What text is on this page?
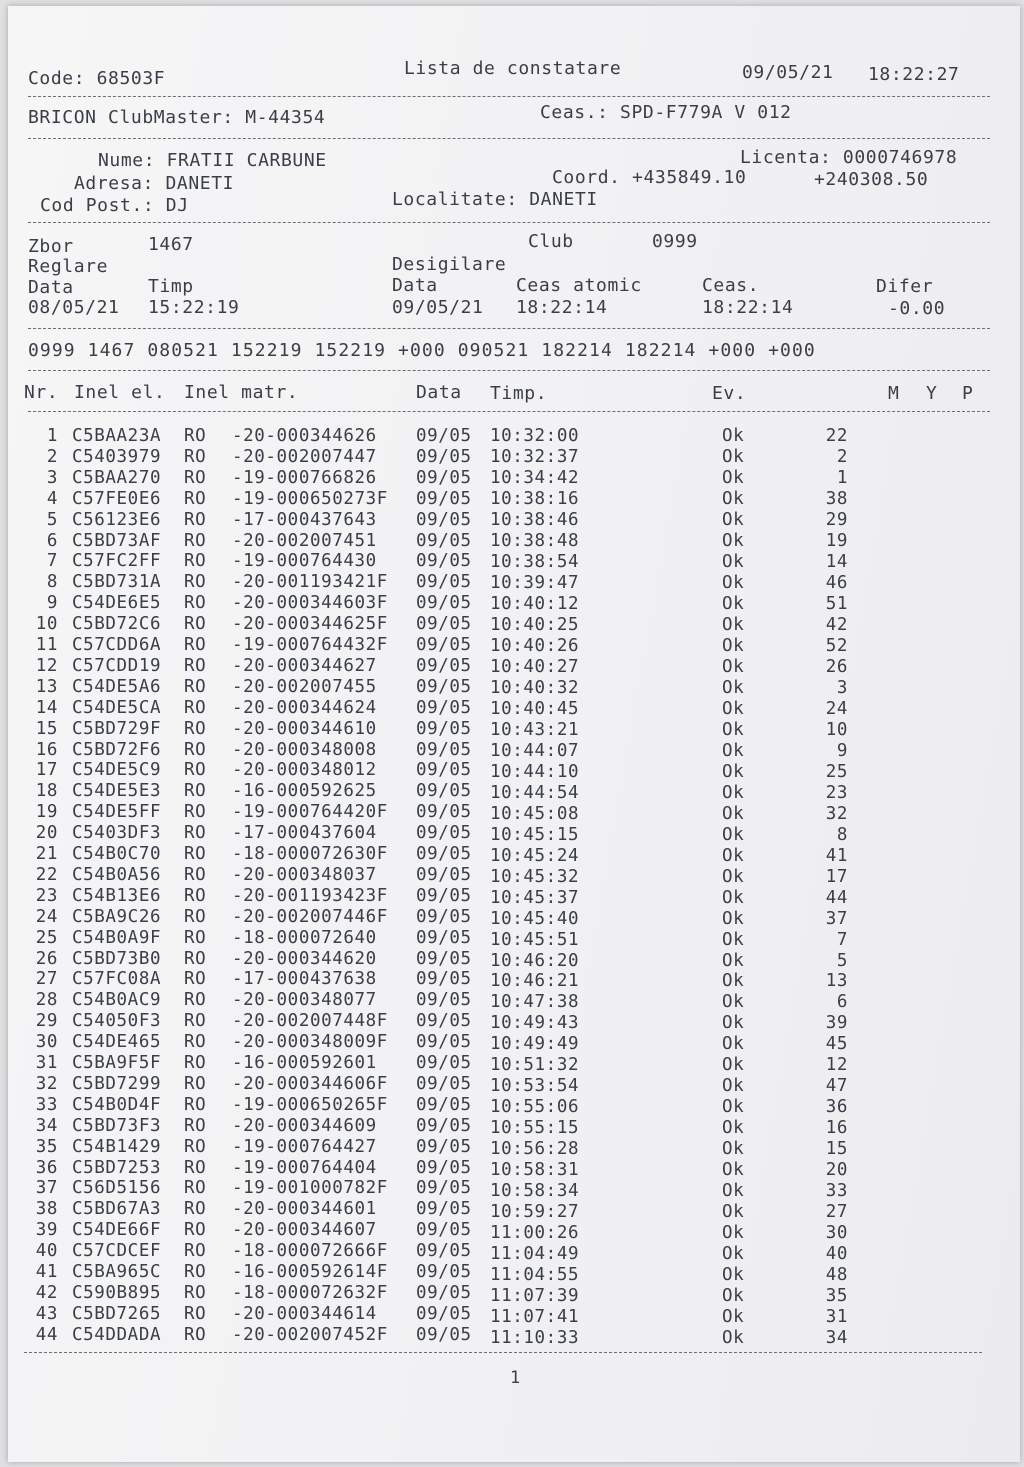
Code: 68503F	Lista de constatare	09/05/21 18:22:27
BRICON ClubMaster: M-44354	Ceas.: SPD-F779A V 012
Nume: FRATII CARBUNE
Adresa: DANETI
Cod Post.: DJ
Licenta: 0000746978
Coord. +435849.10	+240308.50
Localitate: DANETI
Zbor	1467	Club	0999
Reglare	Desigilare
Data	Timp	Data	Ceas atomic	Ceas.	Difer
08/05/21 15:22:19	09/05/21 18:22:14	18:22:14	-0.00
0999 1467 080521 152219 152219 +000 090521 182214 182214 +000 +000
Nr. Inel el. Inel matr.	Data Timp.	Ev.	M Y P
1 C5BAA23A RO -20-000344626 09/05 10:32:00	Ok	22
2 C5403979 RO -20-002007447 09/05 10:32:37	Ok	2
3 C5BAA270 RO -19-000766826 09/05 10:34:42	Ok	1
4 C57FE0E6 RO -19-000650273F 09/05 10:38:16	Ok	38
5 C56123E6 RO -17-000437643 09/05 10:38:46	Ok	29
6 C5BD73AF RO -20-002007451 09/05 10:38:48	Ok	19
7 C57FC2FF RO -19-000764430 09/05 10:38:54	Ok	14
8 C5BD731A RO -20-001193421F 09/05 10:39:47	Ok	46
9 C54DE6E5 RO -20-000344603F 09/05 10:40:12	Ok	51
10 C5BD72C6 RO -20-000344625F 09/05 10:40:25	Ok	42
11 C57CDD6A RO -19-000764432F 09/05 10:40:26	Ok	52
12 C57CDD19 RO -20-000344627 09/05 10:40:27	Ok	26
13 C54DE5A6 RO -20-002007455 09/05 10:40:32	Ok	3
14 C54DE5CA RO -20-000344624 09/05 10:40:45	Ok	24
15 C5BD729F RO -20-000344610 09/05 10:43:21	Ok	10
16 C5BD72F6 RO -20-000348008 09/05 10:44:07	Ok	9
17 C54DE5C9 RO -20-000348012 09/05 10:44:10	Ok	25
18 C54DE5E3 RO -16-000592625 09/05 10:44:54	Ok	23
19 C54DE5FF RO -19-000764420F 09/05 10:45:08	Ok	32
20 C5403DF3 RO -17-000437604 09/05 10:45:15	Ok	8
21 C54B0C70 RO -18-000072630F 09/05 10:45:24	Ok	41
22 C54B0A56 RO -20-000348037 09/05 10:45:32	Ok	17
23 C54B13E6 RO -20-001193423F 09/05 10:45:37	Ok	44
24 C5BA9C26 RO -20-002007446F 09/05 10:45:40	Ok	37
25 C54B0A9F RO -18-000072640 09/05 10:45:51	Ok	7
26 C5BD73B0 RO -20-000344620 09/05 10:46:20	Ok	5
27 C57FC08A RO -17-000437638 09/05 10:46:21	Ok	13
28 C54B0AC9 RO -20-000348077 09/05 10:47:38	Ok	6
29 C54050F3 RO -20-002007448F 09/05 10:49:43	Ok	39
30 C54DE465 RO -20-000348009F 09/05 10:49:49	Ok	45
31 C5BA9F5F RO -16-000592601 09/05 10:51:32	Ok	12
32 C5BD7299 RO -20-000344606F 09/05 10:53:54	Ok	47
33 C54B0D4F RO -19-000650265F 09/05 10:55:06	Ok	36
34 C5BD73F3 RO -20-000344609 09/05 10:55:15	Ok	16
35 C54B1429 RO -19-000764427 09/05 10:56:28	Ok	15
36 C5BD7253 RO -19-000764404 09/05 10:58:31	Ok	20
37 C56D5156 RO -19-001000782F 09/05 10:58:34	Ok	33
38 C5BD67A3 RO -20-000344601 09/05 10:59:27	Ok	27
39 C54DE66F RO -20-000344607 09/05 11:00:26	Ok	30
40 C57CDCEF RO -18-000072666F 09/05 11:04:49	Ok	40
41 C5BA965C RO -16-000592614F 09/05 11:04:55	Ok	48
42 C590B895 RO -18-000072632F 09/05 11:07:39	Ok	35
43 C5BD7265 RO -20-000344614 09/05 11:07:41	Ok	31
44 C54DDADA RO -20-002007452F 09/05 11:10:33	Ok	34
1
